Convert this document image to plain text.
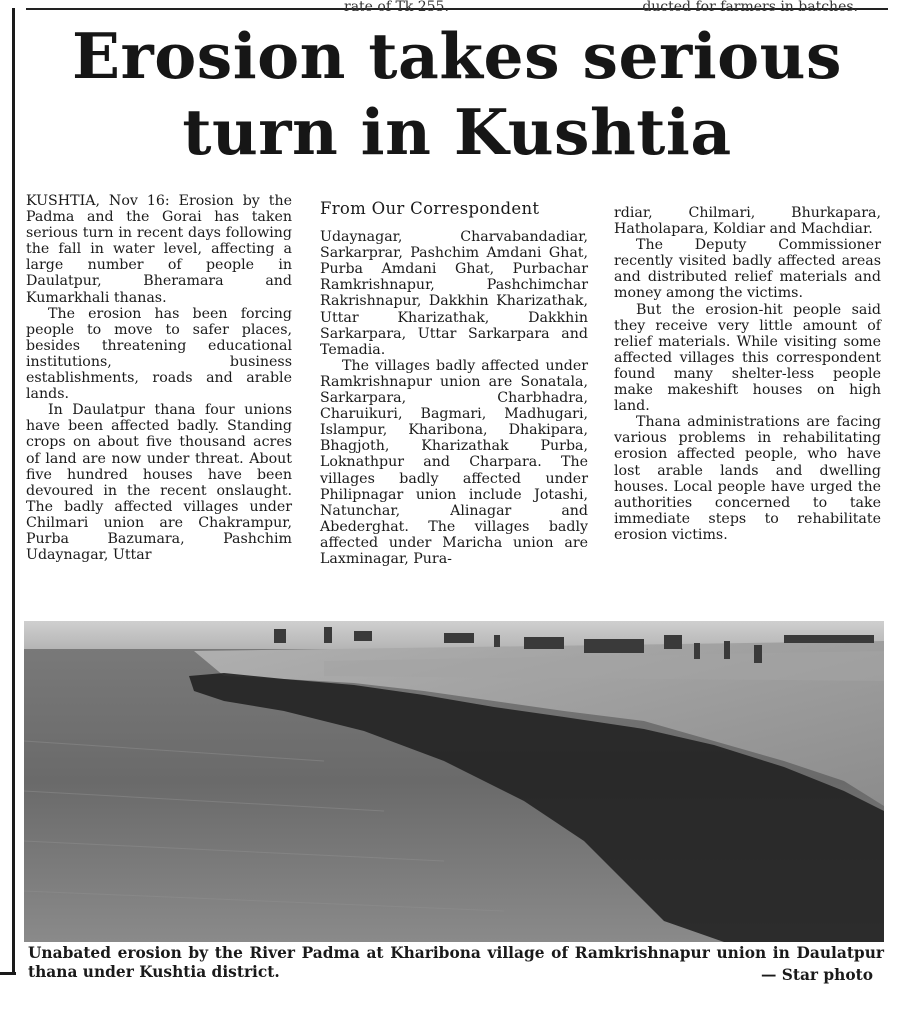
rate of Tk 255.	ducted for farmers in batches.
Erosion takes serious turn in Kushtia

KUSHTIA, Nov 16: Erosion by the Padma and the Gorai has taken serious turn in recent days following the fall in water level, affecting a large number of people in Daulatpur, Bheramara and Kumarkhali thanas.

The erosion has been forcing people to move to safer places, besides threatening educational institutions, business establishments, roads and arable lands.

In Daulatpur thana four unions have been affected badly. Standing crops on about five thousand acres of land are now under threat. About five hundred houses have been devoured in the recent onslaught. The badly affected villages under Chilmari union are Chakrampur, Purba Bazumara, Pashchim Udaynagar, Uttar

From Our Correspondent

Udaynagar, Charvabandadiar, Sarkarprar, Pashchim Amdani Ghat, Purba Amdani Ghat, Purbachar Ramkrishnapur, Pashchimchar Rakrishnapur, Dakkhin Kharizathak, Uttar Kharizathak, Dakkhin Sarkarpara, Uttar Sarkarpara and Temadia.

The villages badly affected under Ramkrishnapur union are Sonatala, Sarkarpara, Charbhadra, Charuikuri, Bagmari, Madhugari, Islampur, Kharibona, Dhakipara, Bhagjoth, Kharizathak Purba, Loknathpur and Charpara. The villages badly affected under Philipnagar union include Jotashi, Natunchar, Alinagar and Abederghat. The villages badly affected under Maricha union are Laxminagar, Pura-

rdiar, Chilmari, Bhurkapara, Hatholapara, Koldiar and Machdiar.

The Deputy Commissioner recently visited badly affected areas and distributed relief materials and money among the victims.

But the erosion-hit people said they receive very little amount of relief materials. While visiting some affected villages this correspondent found many shelter-less people make makeshift houses on high land.

Thana administrations are facing various problems in rehabilitating erosion affected people, who have lost arable lands and dwelling houses. Local people have urged the authorities concerned to take immediate steps to rehabilitate erosion victims.

Unabated erosion by the River Padma at Kharibona village of Ramkrishnapur union in Daulatpur thana under Kushtia district.	— Star photo
